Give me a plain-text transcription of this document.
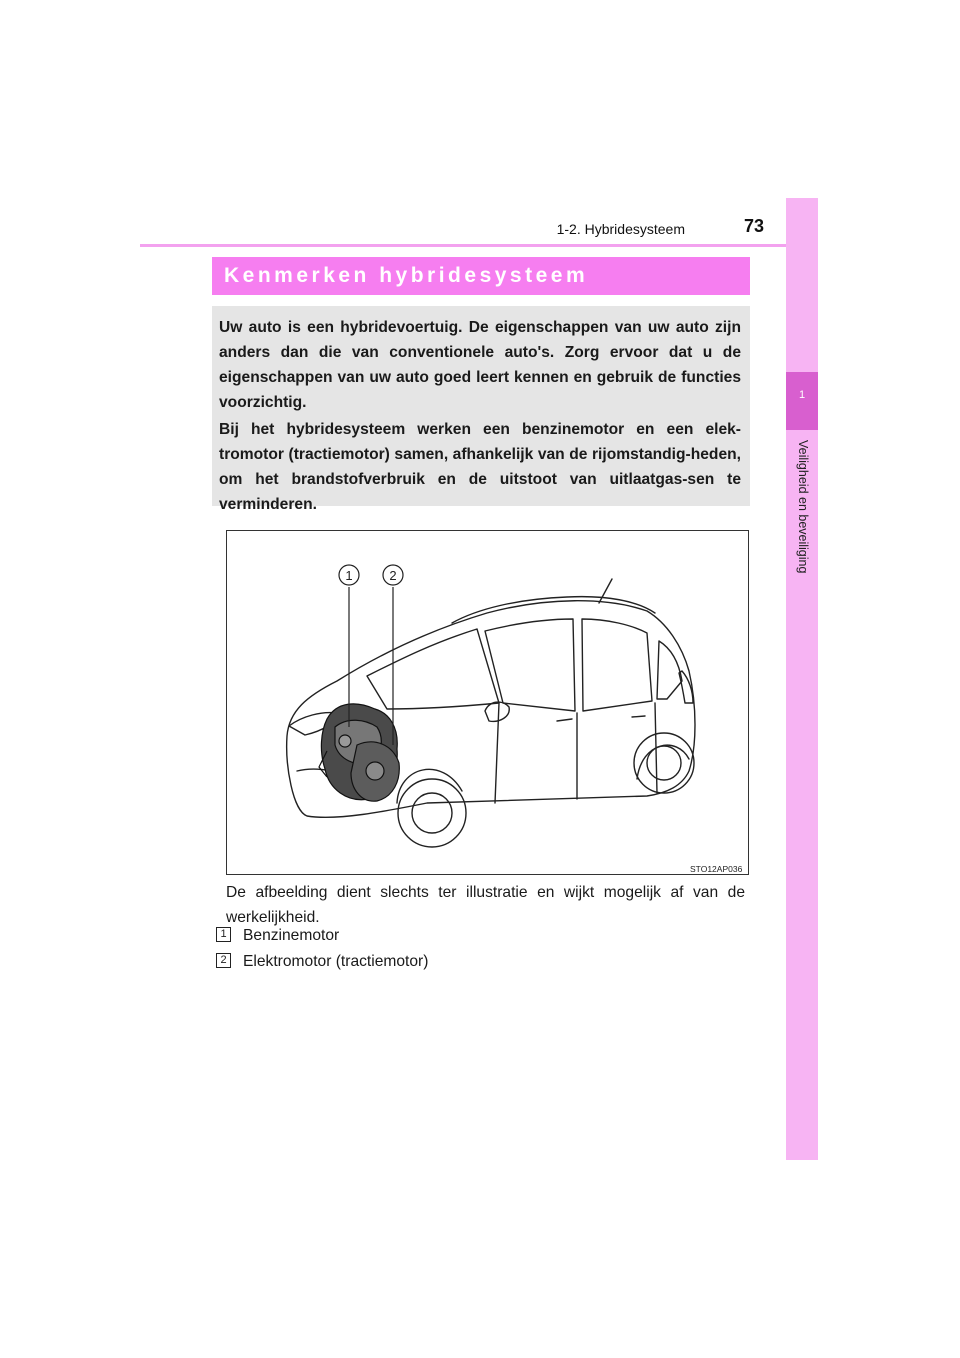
1-2. Hybridesysteem	73
1
Veiligheid en beveiliging
Kenmerken hybridesysteem
Uw auto is een hybridevoertuig. De eigenschappen van uw auto zijn anders dan die van conventionele auto's. Zorg ervoor dat u de eigenschappen van uw auto goed leert kennen en gebruik de functies voorzichtig.
Bij het hybridesysteem werken een benzinemotor en een elek-tromotor (tractiemotor) samen, afhankelijk van de rijomstandig-heden, om het brandstofverbruik en de uitstoot van uitlaatgas-sen te verminderen.
1	2
STO12AP036
De afbeelding dient slechts ter illustratie en wijkt mogelijk af van de werkelijkheid.
1 Benzinemotor
2 Elektromotor (tractiemotor)
